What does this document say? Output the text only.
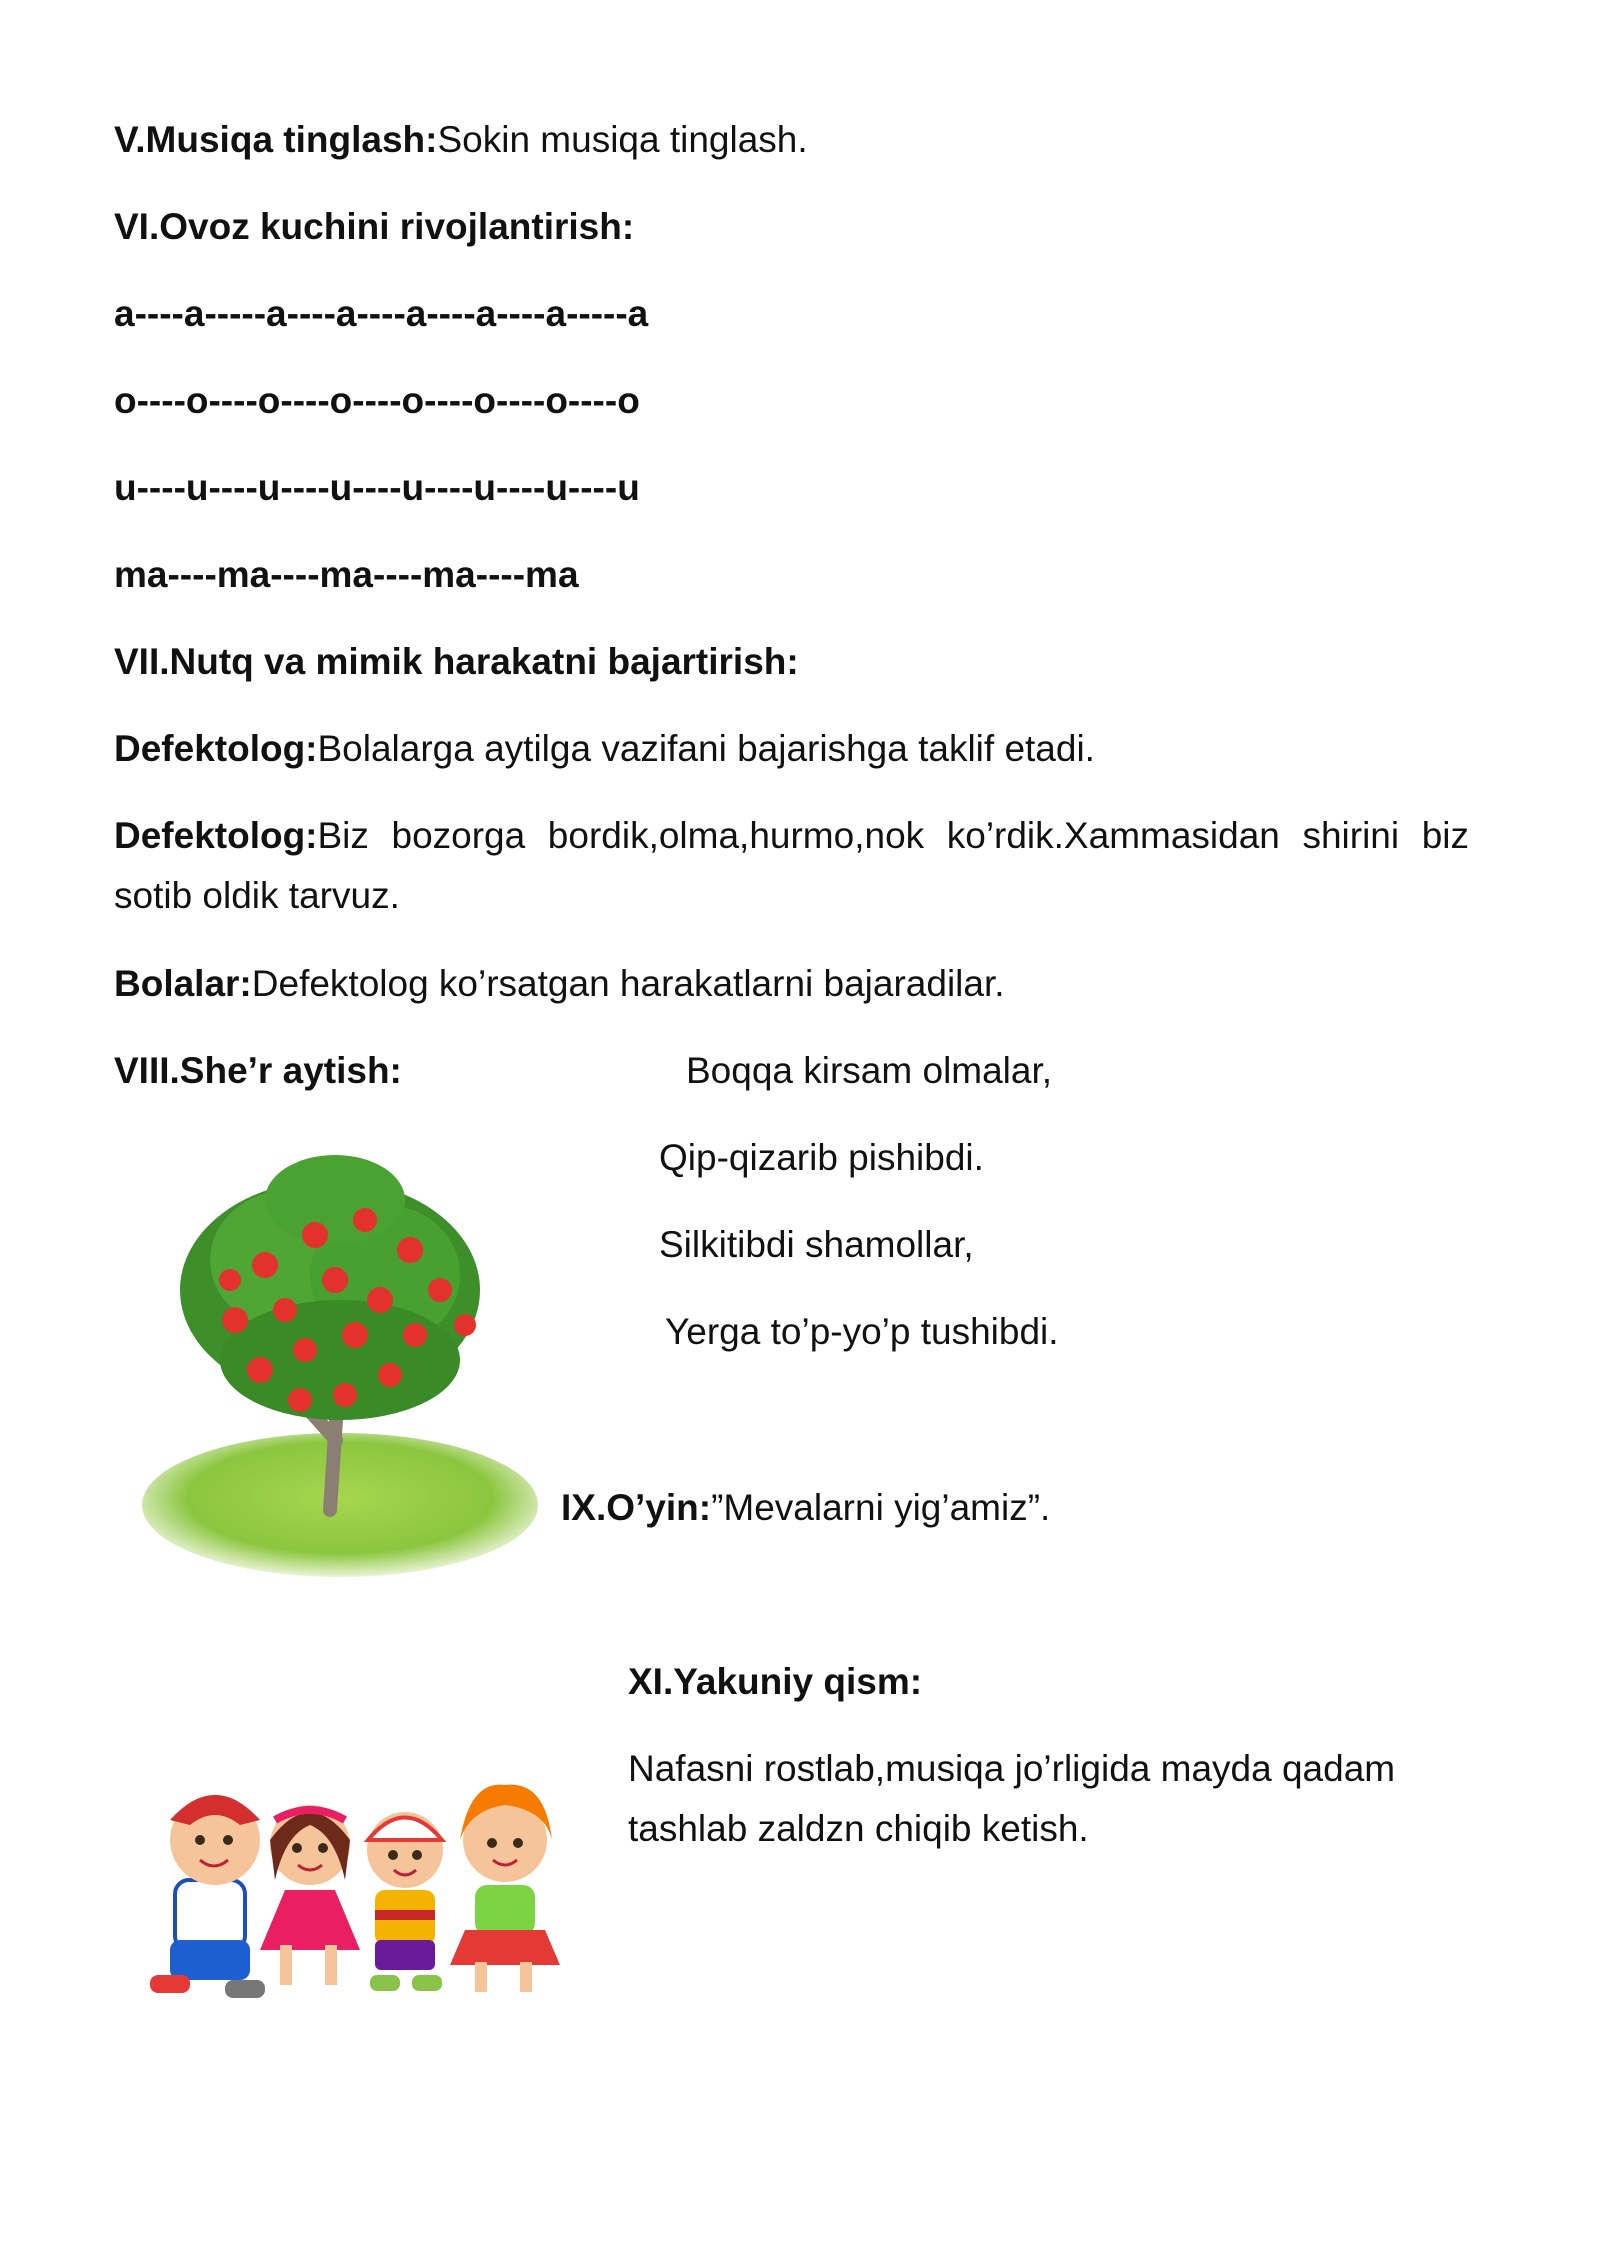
V.Musiqa tinglash:Sokin musiqa tinglash.
VI.Ovoz kuchini rivojlantirish:
a----a-----a----a----a----a----a-----a
o----o----o----o----o----o----o----o
u----u----u----u----u----u----u----u
ma----ma----ma----ma----ma
VII.Nutq va mimik harakatni bajartirish:
Defektolog:Bolalarga aytilga vazifani bajarishga taklif etadi.
Defektolog:Biz bozorga bordik,olma,hurmo,nok ko’rdik.Xammasidan shirini biz sotib oldik tarvuz.
Bolalar:Defektolog ko’rsatgan harakatlarni bajaradilar.
VIII.She’r aytish:	Boqqa kirsam olmalar,
Qip-qizarib pishibdi.
Silkitibdi shamollar,
Yerga to’p-yo’p tushibdi.
IX.O’yin:”Mevalarni yig’amiz”.
XI.Yakuniy qism:
Nafasni rostlab,musiqa jo’rligida mayda qadam tashlab zaldzn chiqib ketish.
